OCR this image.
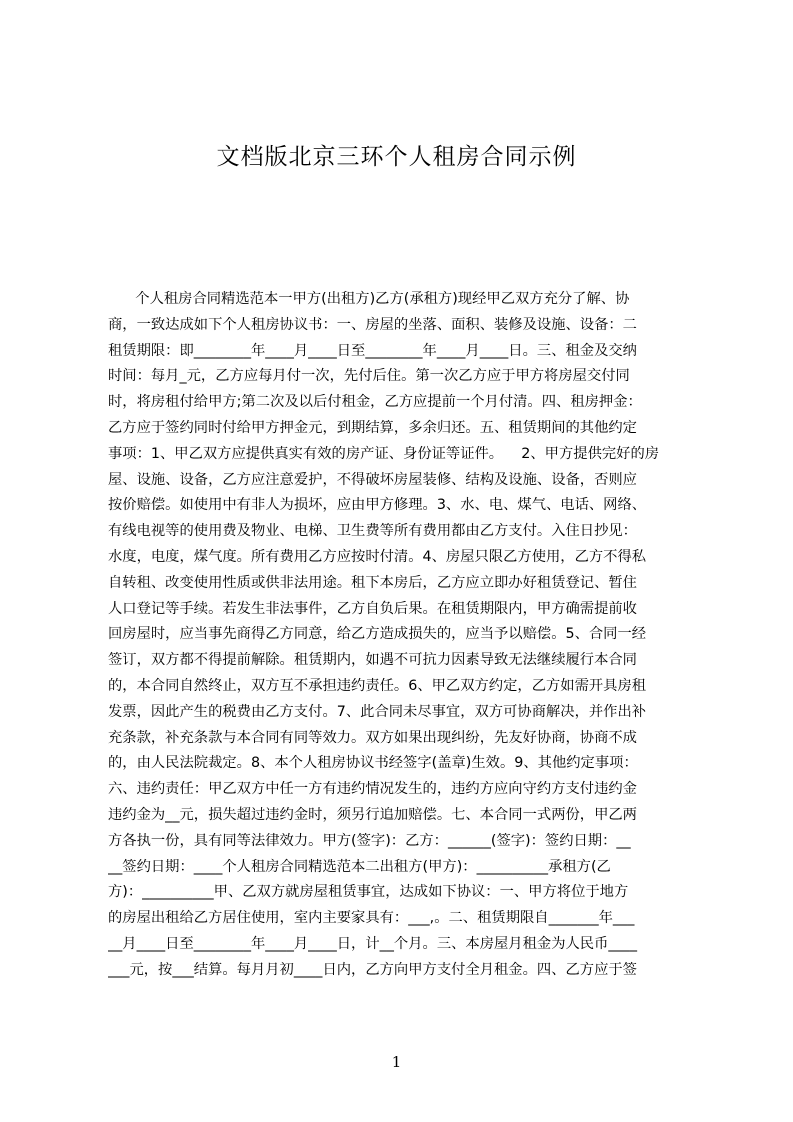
文档版北京三环个人租房合同示例
个人租房合同精选范本一甲方(出租方)乙方(承租方)现经甲乙双方充分了解、协
商，一致达成如下个人租房协议书：一、房屋的坐落、面积、装修及设施、设备：二
租赁期限：即________年____月____日至________年____月____日。三、租金及交纳
时间：每月_元，乙方应每月付一次，先付后住。第一次乙方应于甲方将房屋交付同
时，将房租付给甲方;第二次及以后付租金，乙方应提前一个月付清。四、租房押金：
乙方应于签约同时付给甲方押金元，到期结算，多余归还。五、租赁期间的其他约定
事项：1、甲乙双方应提供真实有效的房产证、身份证等证件。    2、甲方提供完好的房
屋、设施、设备，乙方应注意爱护，不得破坏房屋装修、结构及设施、设备，否则应
按价赔偿。如使用中有非人为损坏，应由甲方修理。3、水、电、煤气、电话、网络、
有线电视等的使用费及物业、电梯、卫生费等所有费用都由乙方支付。入住日抄见：
水度，电度，煤气度。所有费用乙方应按时付清。4、房屋只限乙方使用，乙方不得私
自转租、改变使用性质或供非法用途。租下本房后，乙方应立即办好租赁登记、暂住
人口登记等手续。若发生非法事件，乙方自负后果。在租赁期限内，甲方确需提前收
回房屋时，应当事先商得乙方同意，给乙方造成损失的，应当予以赔偿。5、合同一经
签订，双方都不得提前解除。租赁期内，如遇不可抗力因素导致无法继续履行本合同
的，本合同自然终止，双方互不承担违约责任。6、甲乙双方约定，乙方如需开具房租
发票，因此产生的税费由乙方支付。7、此合同未尽事宜，双方可协商解决，并作出补
充条款，补充条款与本合同有同等效力。双方如果出现纠纷，先友好协商，协商不成
的，由人民法院裁定。8、本个人租房协议书经签字(盖章)生效。9、其他约定事项：
六、违约责任：甲乙双方中任一方有违约情况发生的，违约方应向守约方支付违约金
违约金为__元，损失超过违约金时，须另行追加赔偿。七、本合同一式两份，甲乙两
方各执一份，具有同等法律效力。甲方(签字)：乙方：______(签字)：签约日期：__
__签约日期：____个人租房合同精选范本二出租方(甲方)：__________承租方(乙
方)：__________甲、乙双方就房屋租赁事宜，达成如下协议：一、甲方将位于地方
的房屋出租给乙方居住使用，室内主要家具有：___,。二、租赁期限自_______年___
__月____日至________年____月____日，计__个月。三、本房屋月租金为人民币____
___元，按___结算。每月月初____日内，乙方向甲方支付全月租金。四、乙方应于签
1
